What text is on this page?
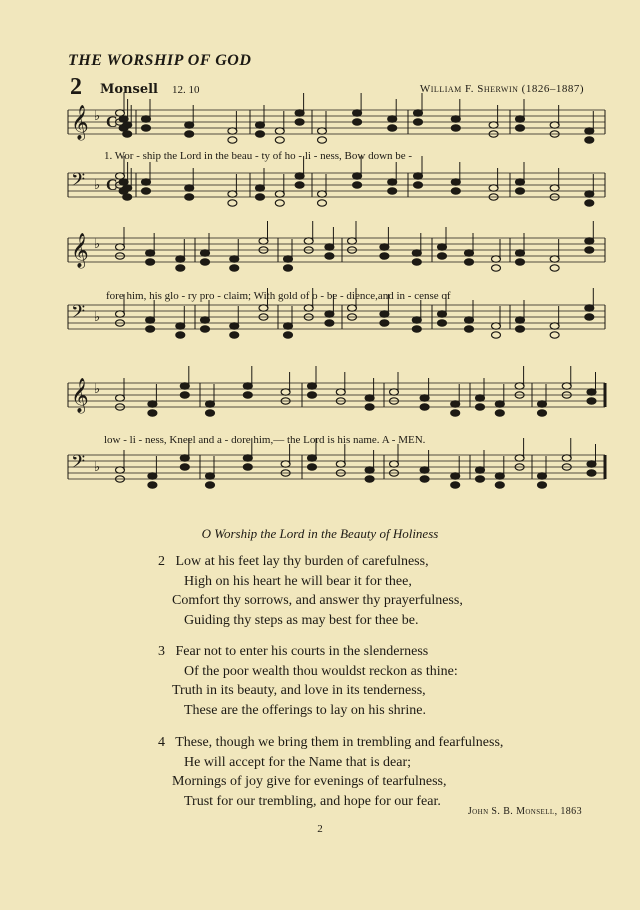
THE WORSHIP OF GOD
2 Monsell 12. 10	William F. Sherwin (1826–1887)
𝄞 ♭ C
𝄢 ♭ C
𝄞 ♭
𝄢 ♭
𝄞 ♭
𝄢 ♭
1. Wor - ship the Lord in the beau - ty of ho - li - ness, Bow down be -
fore him, his glo - ry pro - claim; With gold of o - be - dience,and in - cense of
low - li - ness, Kneel and a - dore him,— the Lord is his name. A - MEN.
O Worship the Lord in the Beauty of Holiness
2 Low at his feet lay thy burden of carefulness,
High on his heart he will bear it for thee,
Comfort thy sorrows, and answer thy prayerfulness,
Guiding thy steps as may best for thee be.
3 Fear not to enter his courts in the slenderness
Of the poor wealth thou wouldst reckon as thine:
Truth in its beauty, and love in its tenderness,
These are the offerings to lay on his shrine.
4 These, though we bring them in trembling and fearfulness,
He will accept for the Name that is dear;
Mornings of joy give for evenings of tearfulness,
Trust for our trembling, and hope for our fear.
John S. B. Monsell, 1863
2
